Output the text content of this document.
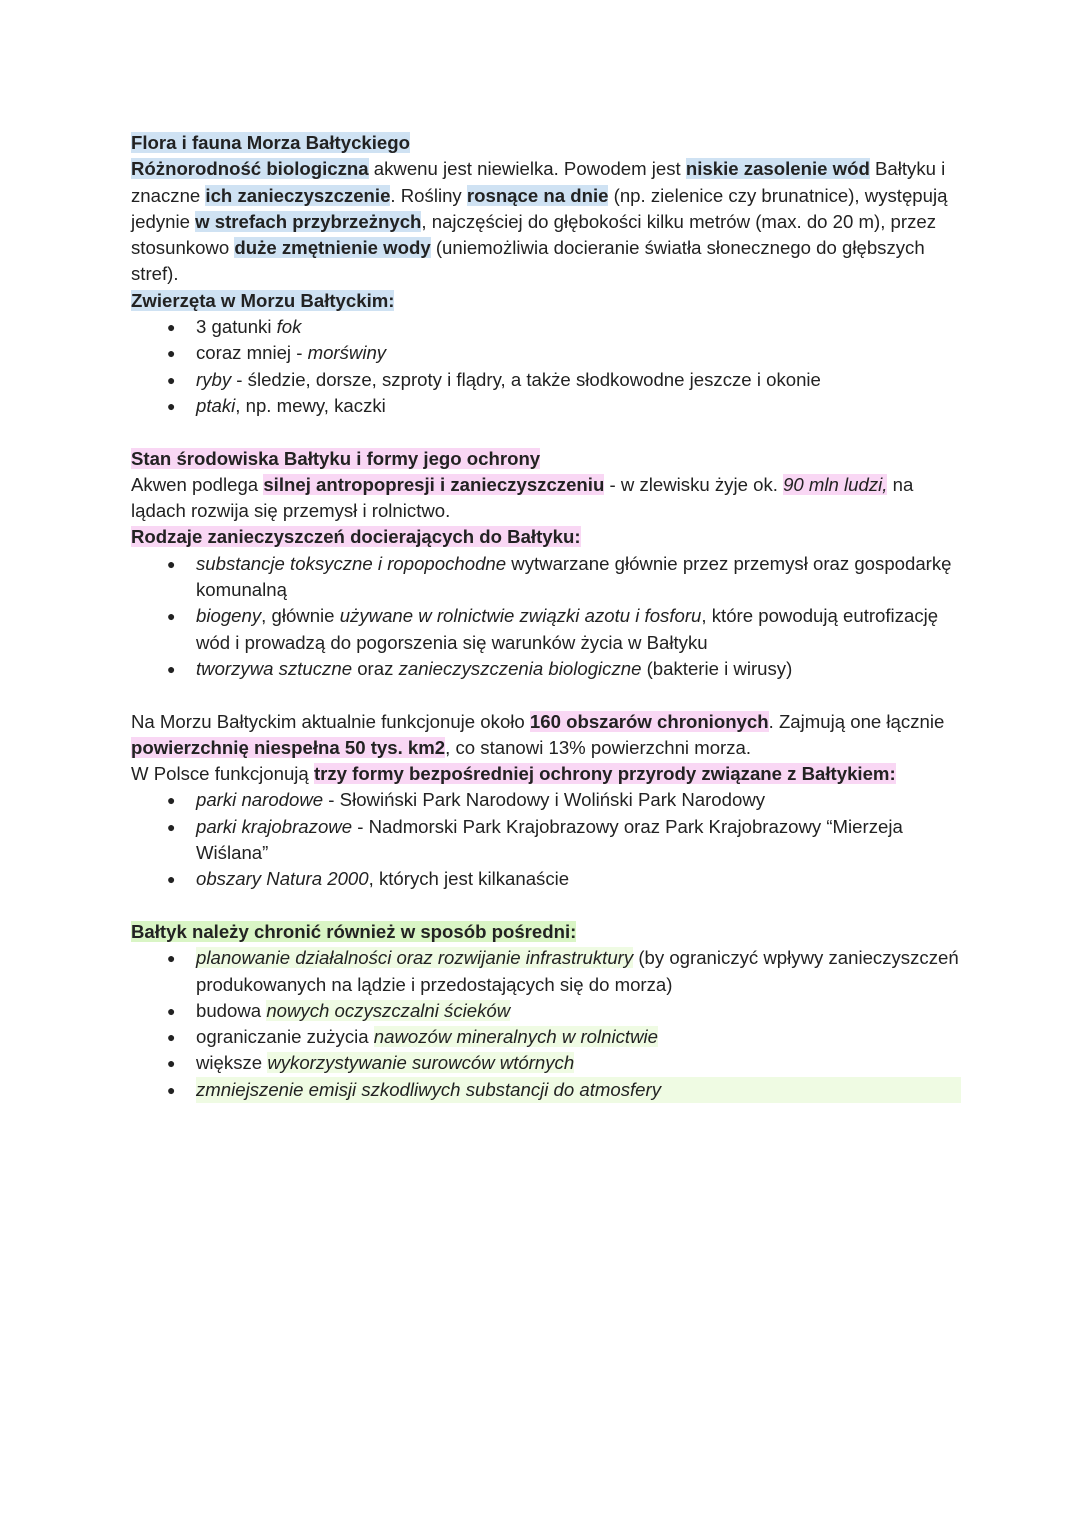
Flora i fauna Morza Bałtyckiego

Różnorodność biologiczna akwenu jest niewielka. Powodem jest niskie zasolenie wód Bałtyku i znaczne ich zanieczyszczenie. Rośliny rosnące na dnie (np. zielenice czy brunatnice), występują jedynie w strefach przybrzeżnych, najczęściej do głębokości kilku metrów (max. do 20 m), przez stosunkowo duże zmętnienie wody (uniemożliwia docieranie światła słonecznego do głębszych stref).

Zwierzęta w Morzu Bałtyckim:

● 3 gatunki fok
● coraz mniej - morświny
● ryby - śledzie, dorsze, szproty i flądry, a także słodkowodne jeszcze i okonie
● ptaki, np. mewy, kaczki

Stan środowiska Bałtyku i formy jego ochrony

Akwen podlega silnej antropopresji i zanieczyszczeniu - w zlewisku żyje ok. 90 mln ludzi, na lądach rozwija się przemysł i rolnictwo.

Rodzaje zanieczyszczeń docierających do Bałtyku:

● substancje toksyczne i ropopochodne wytwarzane głównie przez przemysł oraz gospodarkę komunalną
● biogeny, głównie używane w rolnictwie związki azotu i fosforu, które powodują eutrofizację wód i prowadzą do pogorszenia się warunków życia w Bałtyku
● tworzywa sztuczne oraz zanieczyszczenia biologiczne (bakterie i wirusy)

Na Morzu Bałtyckim aktualnie funkcjonuje około 160 obszarów chronionych. Zajmują one łącznie powierzchnię niespełna 50 tys. km2, co stanowi 13% powierzchni morza.

W Polsce funkcjonują trzy formy bezpośredniej ochrony przyrody związane z Bałtykiem:

● parki narodowe - Słowiński Park Narodowy i Woliński Park Narodowy
● parki krajobrazowe - Nadmorski Park Krajobrazowy oraz Park Krajobrazowy “Mierzeja Wiślana”
● obszary Natura 2000, których jest kilkanaście

Bałtyk należy chronić również w sposób pośredni:

● planowanie działalności oraz rozwijanie infrastruktury (by ograniczyć wpływy zanieczyszczeń produkowanych na lądzie i przedostających się do morza)
● budowa nowych oczyszczalni ścieków
● ograniczanie zużycia nawozów mineralnych w rolnictwie
● większe wykorzystywanie surowców wtórnych
● zmniejszenie emisji szkodliwych substancji do atmosfery
